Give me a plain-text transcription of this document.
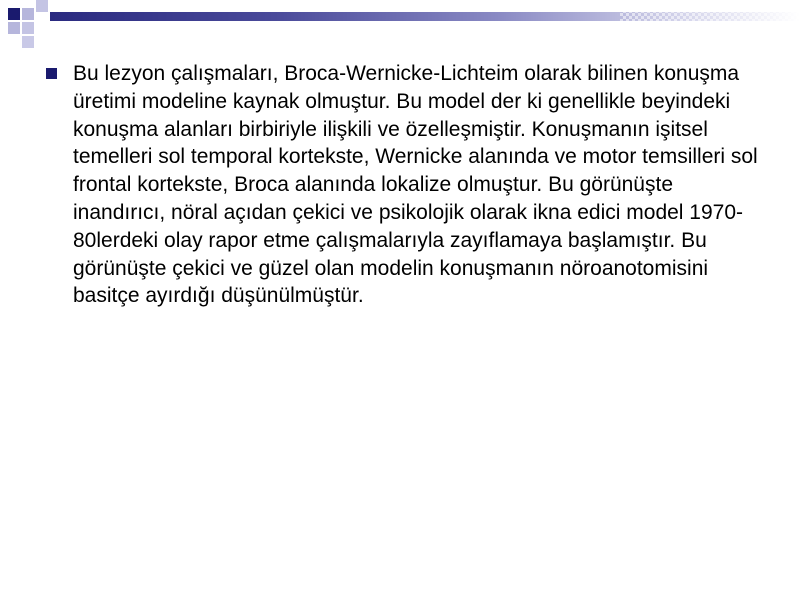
Bu lezyon çalışmaları, Broca-Wernicke-Lichteim olarak bilinen konuşma üretimi modeline kaynak olmuştur. Bu model der ki genellikle beyindeki konuşma alanları birbiriyle ilişkili ve özelleşmiştir. Konuşmanın işitsel temelleri sol temporal kortekste, Wernicke alanında ve motor temsilleri sol frontal kortekste, Broca alanında lokalize olmuştur. Bu görünüşte inandırıcı, nöral açıdan çekici ve psikolojik olarak ikna edici model 1970-80lerdeki olay rapor etme çalışmalarıyla zayıflamaya başlamıştır. Bu görünüşte çekici ve güzel olan modelin konuşmanın nöroanotomisini basitçe ayırdığı düşünülmüştür.
